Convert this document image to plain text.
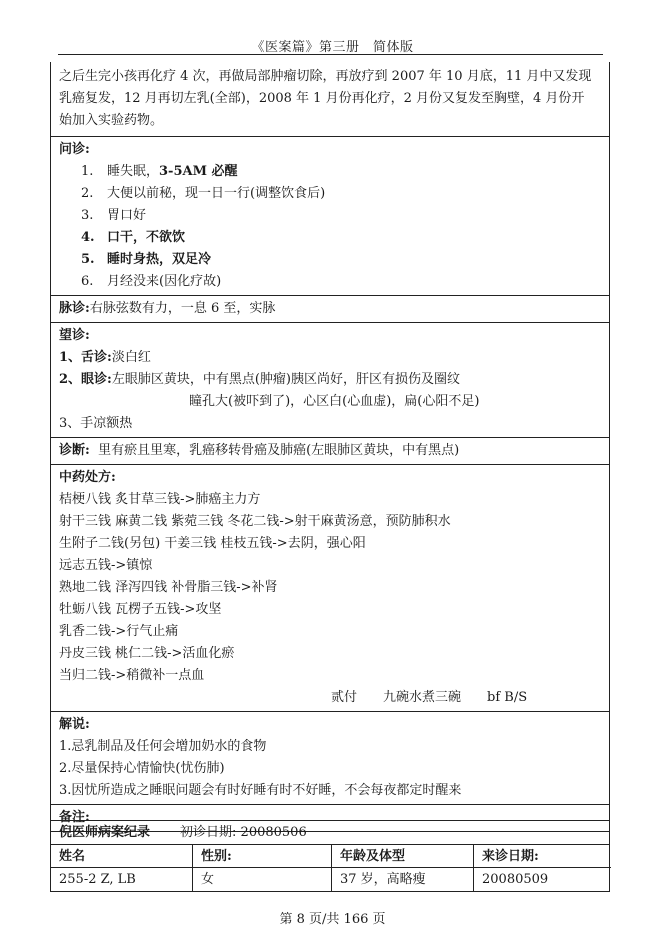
《医案篇》第三册　简体版
之后生完小孩再化疗 4 次，再做局部肿瘤切除，再放疗到 2007 年 10 月底，11 月中又发现
乳癌复发，12 月再切左乳(全部)，2008 年 1 月份再化疗，2 月份又复发至胸壁，4 月份开
始加入实验药物。
问诊:
1. 睡失眠，3-5AM 必醒
2. 大便以前秘，现一日一行(调整饮食后)
3. 胃口好
4. 口干，不欲饮
5. 睡时身热，双足冷
6. 月经没来(因化疗故)
脉诊:右脉弦数有力，一息 6 至，实脉
望诊:
1、舌诊:淡白红
2、眼诊:左眼肺区黄块，中有黑点(肿瘤)胰区尚好，肝区有损伤及圈纹
瞳孔大(被吓到了)，心区白(心血虚)，扁(心阳不足)
3、手凉额热
诊断: 里有瘀且里寒，乳癌移转骨癌及肺癌(左眼肺区黄块，中有黑点)
中药处方:
桔梗八钱 炙甘草三钱->肺癌主力方
射干三钱 麻黄二钱 紫菀三钱 冬花二钱->射干麻黄汤意，预防肺积水
生附子二钱(另包) 干姜三钱 桂枝五钱->去阴，强心阳
远志五钱->镇惊
熟地二钱 泽泻四钱 补骨脂三钱->补肾
牡蛎八钱 瓦楞子五钱->攻坚
乳香二钱->行气止痛
丹皮三钱 桃仁二钱->活血化瘀
当归二钱->稍微补一点血
贰付 九碗水煮三碗 bf B/S
解说:
1.忌乳制品及任何会增加奶水的食物
2.尽量保持心情愉快(忧伤肺)
3.因忧所造成之睡眠问题会有时好睡有时不好睡，不会每夜都定时醒来
备注:
倪医师病案纪录 初诊日期: 20080506
姓名	性别:	年龄及体型	来诊日期:
255-2 Z, LB	女	37 岁，高略瘦	20080509
第 8 页/共 166 页
